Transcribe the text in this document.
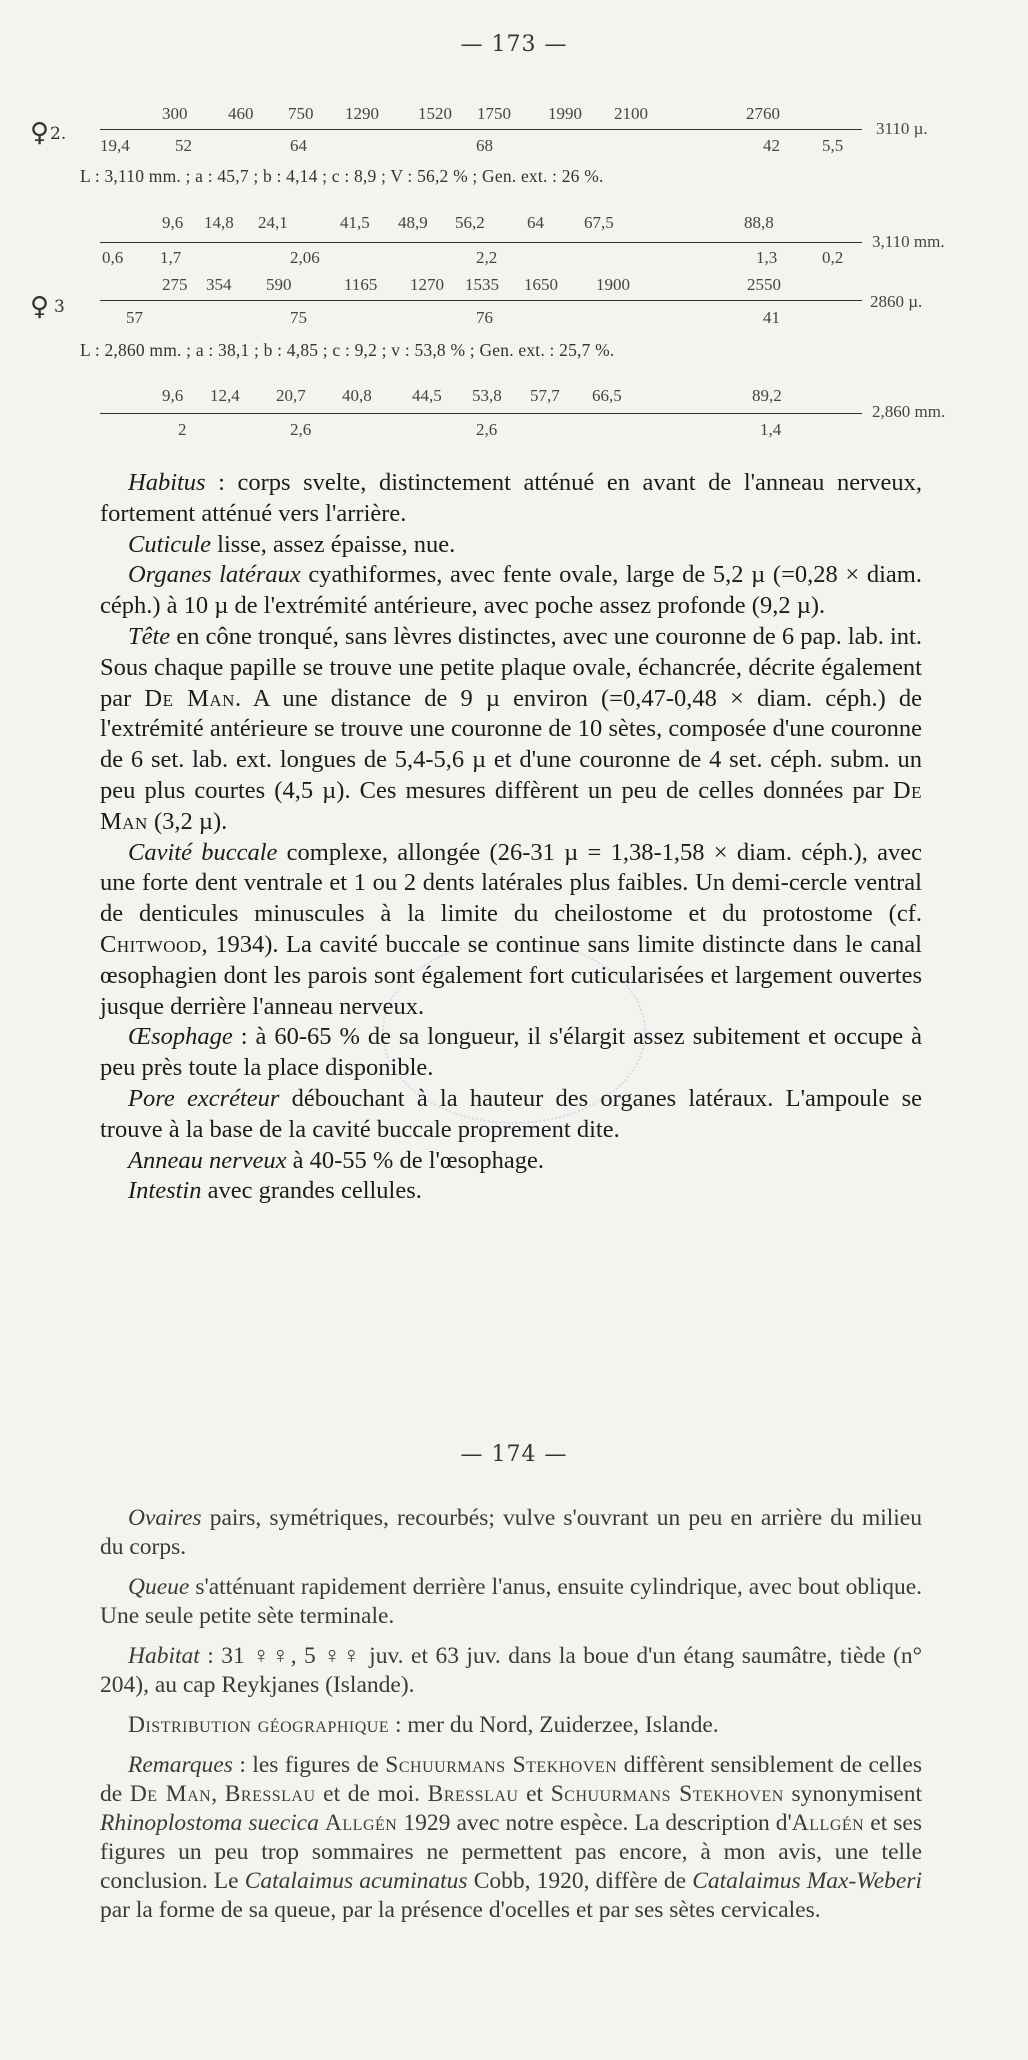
— 173 —
♀ 2.
300 460 750 1290 1520 1750 1990 2100	2760
19,4	52	64	68	42 5,5
3110 µ.
L : 3,110 mm. ; a : 45,7 ; b : 4,14 ; c : 8,9 ; V : 56,2 % ; Gen. ext. : 26 %.
9,6 14,8 24,1	41,5 48,9 56,2 64 67,5	88,8
0,6 1,7	2,06	2,2	1,3	0,2
3,110 mm.
♀ 3
275 354 590	1165 1270 1535 1650 1900	2550
57	75	76	41
2860 µ.
L : 2,860 mm. ; a : 38,1 ; b : 4,85 ; c : 9,2 ; v : 53,8 % ; Gen. ext. : 25,7 %.
9,6 12,4 20,7 40,8 44,5 53,8 57,7 66,5	89,2
2	2,6	2,6	1,4
2,860 mm.

Habitus : corps svelte, distinctement atténué en avant de l'anneau nerveux, fortement atténué vers l'arrière.

Cuticule lisse, assez épaisse, nue.

Organes latéraux cyathiformes, avec fente ovale, large de 5,2 µ (=0,28 × diam. céph.) à 10 µ de l'extrémité antérieure, avec poche assez profonde (9,2 µ).

Tête en cône tronqué, sans lèvres distinctes, avec une couronne de 6 pap. lab. int. Sous chaque papille se trouve une petite plaque ovale, échancrée, décrite également par De Man. A une distance de 9 µ environ (=0,47-0,48 × diam. céph.) de l'extrémité antérieure se trouve une couronne de 10 sètes, composée d'une couronne de 6 set. lab. ext. longues de 5,4-5,6 µ et d'une couronne de 4 set. céph. subm. un peu plus courtes (4,5 µ). Ces mesures diffèrent un peu de celles données par De Man (3,2 µ).

Cavité buccale complexe, allongée (26-31 µ = 1,38-1,58 × diam. céph.), avec une forte dent ventrale et 1 ou 2 dents latérales plus faibles. Un demi-cercle ventral de denticules minuscules à la limite du cheilostome et du protostome (cf. Chitwood, 1934). La cavité buccale se continue sans limite distincte dans le canal œsophagien dont les parois sont également fort cuticularisées et largement ouvertes jusque derrière l'anneau nerveux.

Œsophage : à 60-65 % de sa longueur, il s'élargit assez subitement et occupe à peu près toute la place disponible.

Pore excréteur débouchant à la hauteur des organes latéraux. L'ampoule se trouve à la base de la cavité buccale proprement dite.

Anneau nerveux à 40-55 % de l'œsophage.

Intestin avec grandes cellules.

— 174 —

Ovaires pairs, symétriques, recourbés; vulve s'ouvrant un peu en arrière du milieu du corps.

Queue s'atténuant rapidement derrière l'anus, ensuite cylindrique, avec bout oblique. Une seule petite sète terminale.

Habitat : 31 ♀♀, 5 ♀♀ juv. et 63 juv. dans la boue d'un étang saumâtre, tiède (n° 204), au cap Reykjanes (Islande).

Distribution géographique : mer du Nord, Zuiderzee, Islande.

Remarques : les figures de Schuurmans Stekhoven diffèrent sensiblement de celles de De Man, Bresslau et de moi. Bresslau et Schuurmans Stekhoven synonymisent Rhinoplostoma suecica Allgén 1929 avec notre espèce. La description d'Allgén et ses figures un peu trop sommaires ne permettent pas encore, à mon avis, une telle conclusion. Le Catalaimus acuminatus Cobb, 1920, diffère de Catalaimus Max-Weberi par la forme de sa queue, par la présence d'ocelles et par ses sètes cervicales.
